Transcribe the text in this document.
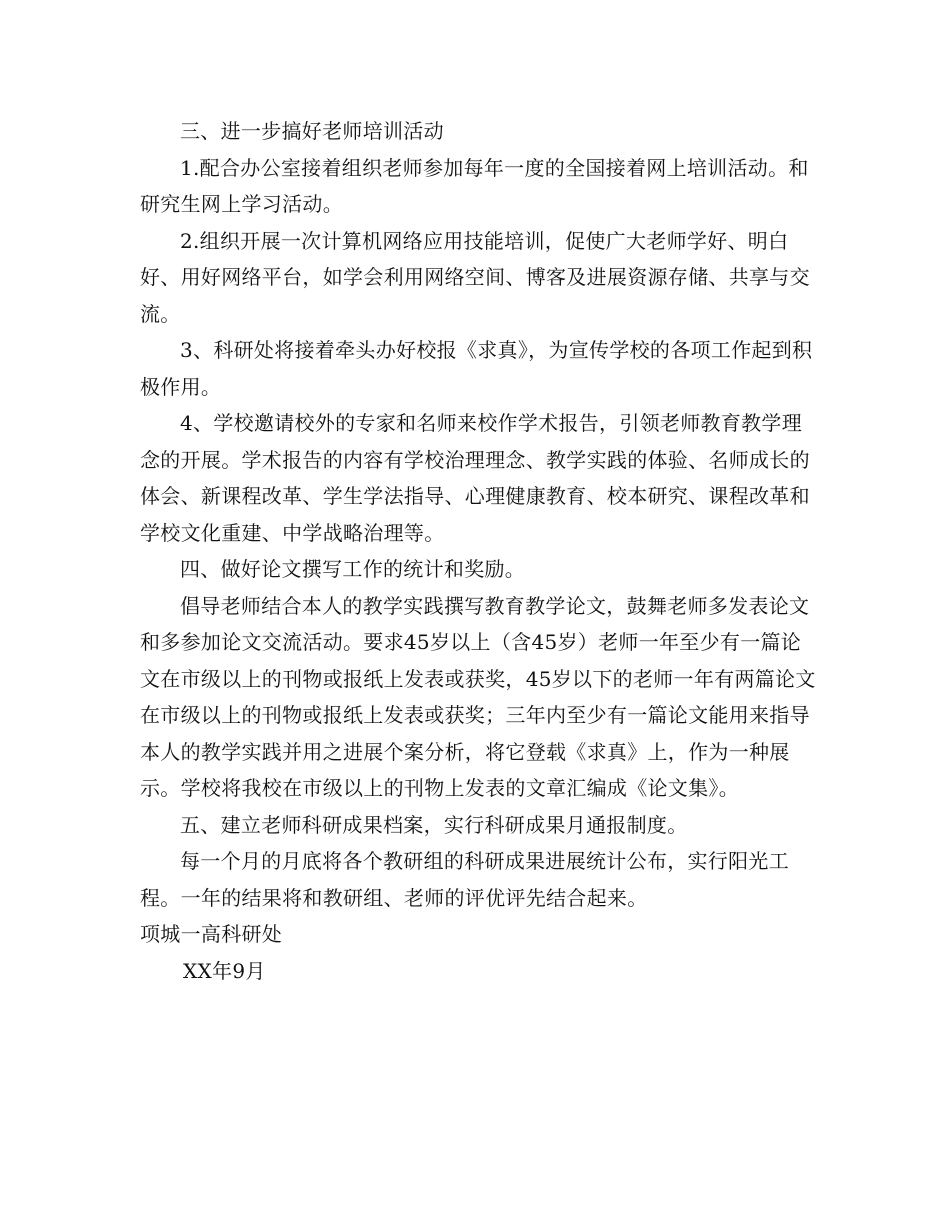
三、进一步搞好老师培训活动

1.配合办公室接着组织老师参加每年一度的全国接着网上培训活动。和研究生网上学习活动。

2.组织开展一次计算机网络应用技能培训，促使广大老师学好、明白好、用好网络平台，如学会利用网络空间、博客及进展资源存储、共享与交流。

3、科研处将接着牵头办好校报《求真》，为宣传学校的各项工作起到积极作用。

4、学校邀请校外的专家和名师来校作学术报告，引领老师教育教学理念的开展。学术报告的内容有学校治理理念、教学实践的体验、名师成长的体会、新课程改革、学生学法指导、心理健康教育、校本研究、课程改革和学校文化重建、中学战略治理等。

四、做好论文撰写工作的统计和奖励。

倡导老师结合本人的教学实践撰写教育教学论文，鼓舞老师多发表论文和多参加论文交流活动。要求45岁以上（含45岁）老师一年至少有一篇论文在市级以上的刊物或报纸上发表或获奖，45岁以下的老师一年有两篇论文在市级以上的刊物或报纸上发表或获奖；三年内至少有一篇论文能用来指导本人的教学实践并用之进展个案分析，将它登载《求真》上，作为一种展示。学校将我校在市级以上的刊物上发表的文章汇编成《论文集》。

五、建立老师科研成果档案，实行科研成果月通报制度。

每一个月的月底将各个教研组的科研成果进展统计公布，实行阳光工程。一年的结果将和教研组、老师的评优评先结合起来。

项城一高科研处

XX年9月
